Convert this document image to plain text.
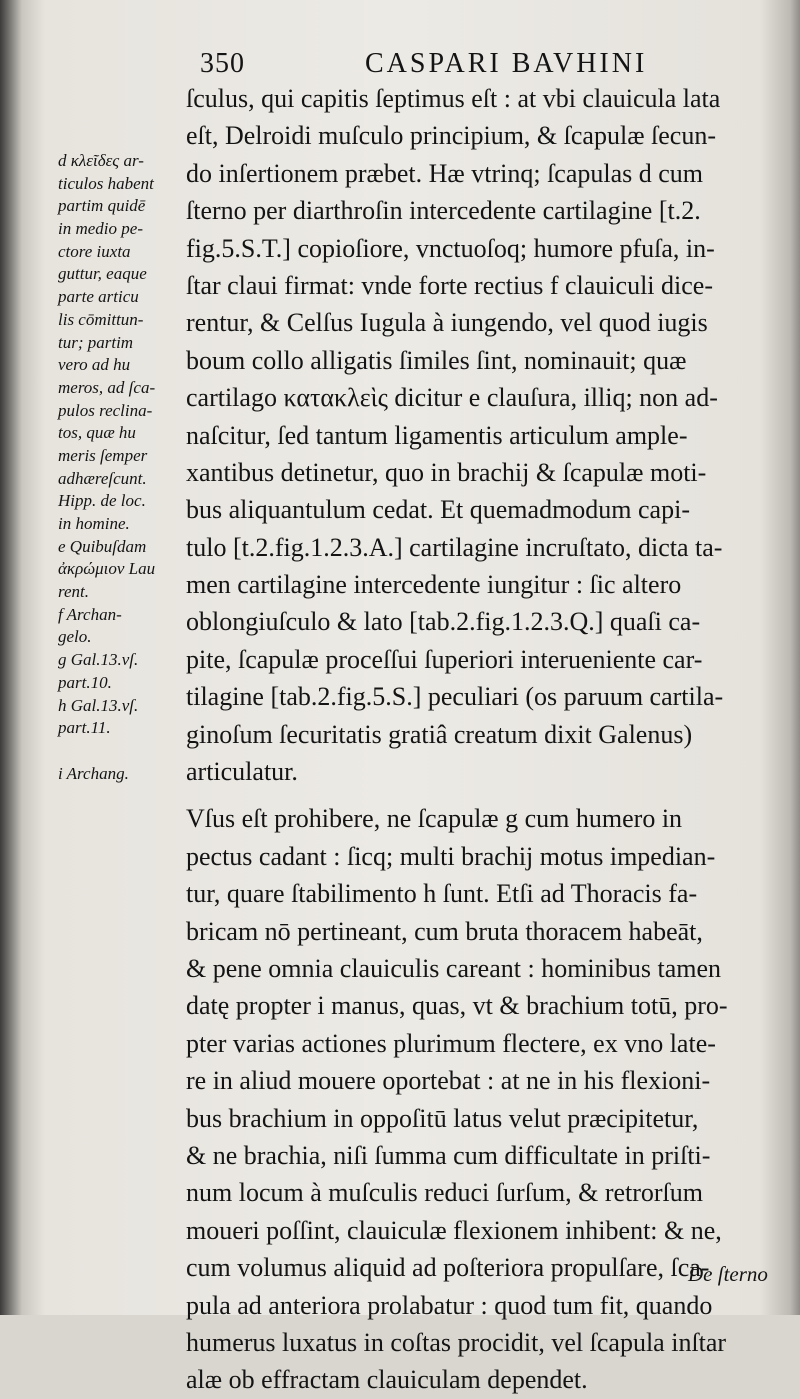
350	CASPARI BAVHINI
d κλεῖδες ar-
ticulos habent
partim quidē
in medio pe-
ctore iuxta
guttur, eaque
parte articu
lis cōmittun-
tur; partim
vero ad hu
meros, ad ſca-
pulos reclina-
tos, quæ hu
meris ſemper
adhæreſcunt.
Hipp. de loc.
in homine.
e Quibuſdam
ἀκρώμιον Lau
rent.
f Archan-
gelo.
g Gal.13.vſ.
part.10.
h Gal.13.vſ.
part.11.
i Archang.
ſculus, qui capitis ſeptimus eſt : at vbi clauicula lata
eſt, Delroidi muſculo principium, & ſcapulæ ſecun-
do inſertionem præbet. Hæ vtrinq; ſcapulas d cum
ſterno per diarthroſin intercedente cartilagine [t.2.
fig.5.S.T.] copioſiore, vnctuoſoq; humore pfuſa, in-
ſtar claui firmat: vnde forte rectius f clauiculi dice-
rentur, & Celſus Iugula à iungendo, vel quod iugis
boum collo alligatis ſimiles ſint, nominauit; quæ
cartilago κατακλεὶς dicitur e clauſura, illiq; non ad-
naſcitur, ſed tantum ligamentis articulum ample-
xantibus detinetur, quo in brachij & ſcapulæ moti-
bus aliquantulum cedat. Et quemadmodum capi-
tulo [t.2.fig.1.2.3.A.] cartilagine incruſtato, dicta ta-
men cartilagine intercedente iungitur : ſic altero
oblongiuſculo & lato [tab.2.fig.1.2.3.Q.] quaſi ca-
pite, ſcapulæ proceſſui ſuperiori interueniente car-
tilagine [tab.2.fig.5.S.] peculiari (os paruum cartila-
ginoſum ſecuritatis gratiâ creatum dixit Galenus)
articulatur.
Vſus eſt prohibere, ne ſcapulæ g cum humero in
pectus cadant : ſicq; multi brachij motus impedian-
tur, quare ſtabilimento h ſunt. Etſi ad Thoracis fa-
bricam nō pertineant, cum bruta thoracem habeāt,
& pene omnia clauiculis careant : hominibus tamen
datę propter i manus, quas, vt & brachium totū, pro-
pter varias actiones plurimum flectere, ex vno late-
re in aliud mouere oportebat : at ne in his flexioni-
bus brachium in oppoſitū latus velut præcipitetur,
& ne brachia, niſi ſumma cum difficultate in priſti-
num locum à muſculis reduci ſurſum, & retrorſum
moueri poſſint, clauiculæ flexionem inhibent: & ne,
cum volumus aliquid ad poſteriora propulſare, ſca-
pula ad anteriora prolabatur : quod tum fit, quando
humerus luxatus in coſtas procidit, vel ſcapula inſtar
alæ ob effractam clauiculam dependet.
De ſterno
